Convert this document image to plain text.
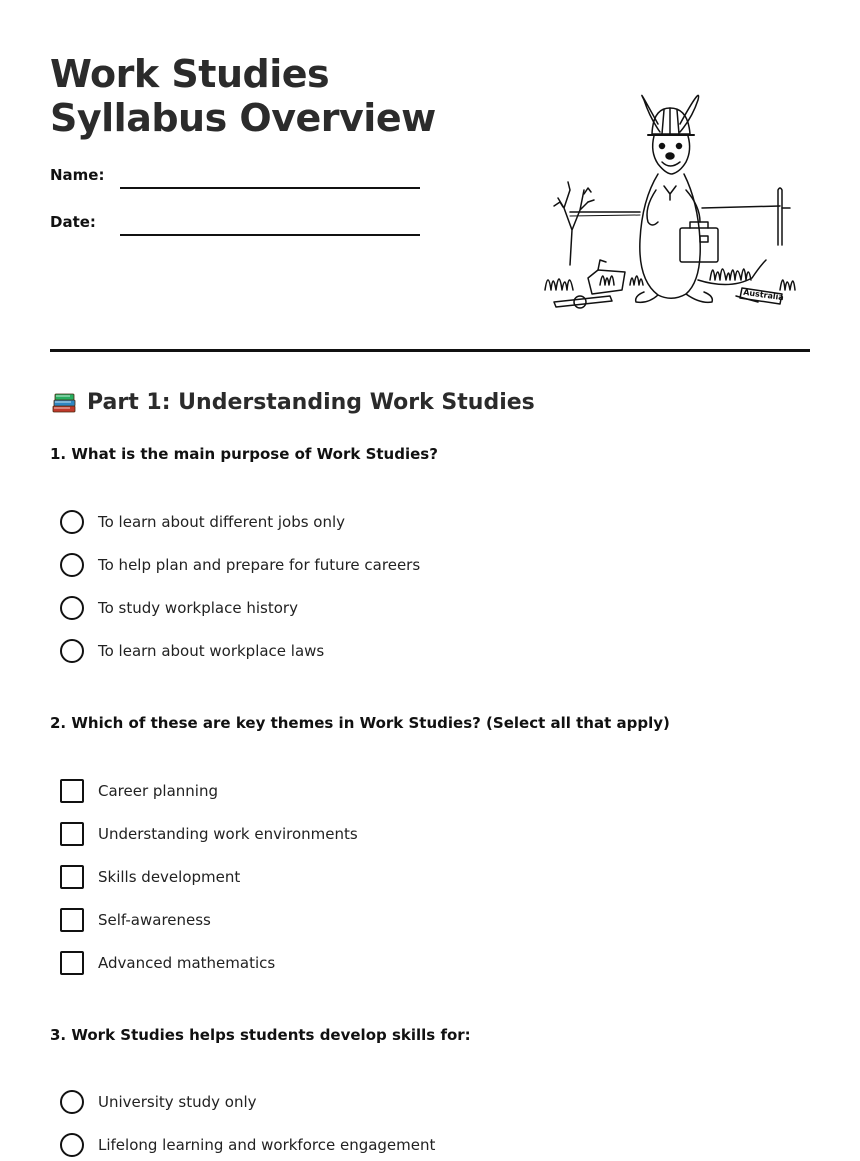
Work Studies Syllabus Overview
Name:
Date:
Australia
Part 1: Understanding Work Studies

1. What is the main purpose of Work Studies?

To learn about different jobs only
To help plan and prepare for future careers
To study workplace history
To learn about workplace laws

2. Which of these are key themes in Work Studies? (Select all that apply)

Career planning
Understanding work environments
Skills development
Self-awareness
Advanced mathematics

3. Work Studies helps students develop skills for:

University study only
Lifelong learning and workforce engagement
